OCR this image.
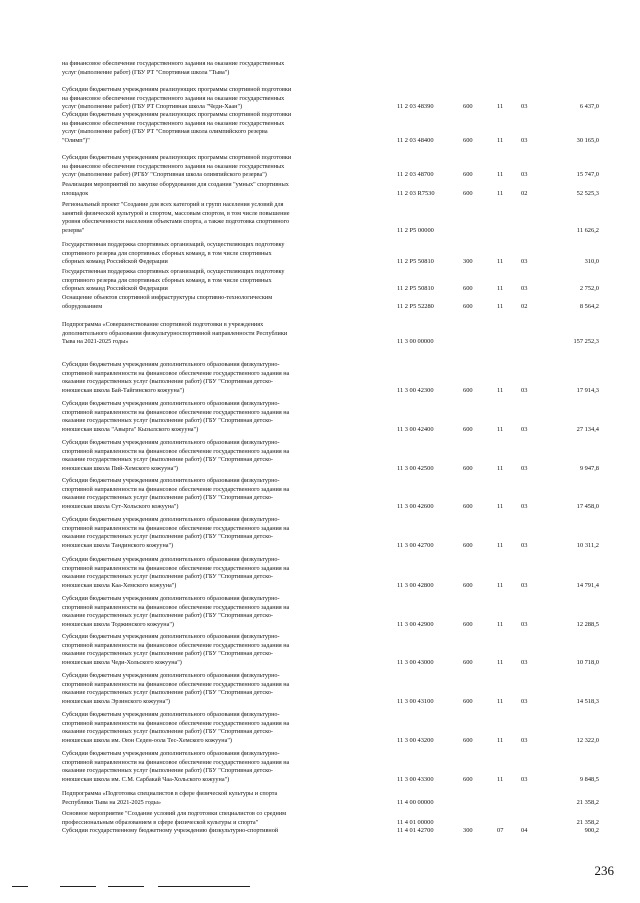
на финансовое обеспечение государственного задания на оказание государственных
услуг (выполнение работ) (ГБУ РТ "Спортивная школа "Тыва")
Субсидии бюджетным учреждениям реализующих программы спортивной подготовки
на финансовое обеспечение государственного задания на оказание государственных
услуг (выполнение работ) (ГБУ РТ Спортивная школа "Чеди-Хаан")	11 2 03 48390	600	11	03	6 437,0
Субсидии бюджетным учреждениям реализующих программы спортивной подготовки
на финансовое обеспечение государственного задания на оказание государственных
услуг (выполнение работ) (ГБУ РТ "Спортивная школа олимпийского резерва
"Олимп")"	11 2 03 48400	600	11	03	30 165,0
Субсидии бюджетным учреждениям реализующих программы спортивной подготовки
на финансовое обеспечение государственного задания на оказание государственных
услуг (выполнение работ) (РГБУ "Спортивная школа олимпийского резерва")	11 2 03 48700	600	11	03	15 747,0
Реализация мероприятий по закупке оборудования для создания "умных" спортивных
площадок	11 2 03 R7530	600	11	02	52 525,3
Региональный проект "Создание для всех категорий и групп населения условий для
занятий физической культурой и спортом, массовым спортом, в том числе повышение
уровня обеспеченности населения объектами спорта, а также подготовка спортивного
резерва"	11 2 P5 00000	11 626,2
Государственная поддержка спортивных организаций, осуществляющих подготовку
спортивного резерва для спортивных сборных команд, в том числе спортивных
сборных команд Российской Федерации	11 2 P5 50810	300	11	03	310,0
Государственная поддержка спортивных организаций, осуществляющих подготовку
спортивного резерва для спортивных сборных команд, в том числе спортивных
сборных команд Российской Федерации	11 2 P5 50810	600	11	03	2 752,0
Оснащение объектов спортивной инфраструктуры спортивно-технологическим
оборудованием	11 2 P5 52280	600	11	02	8 564,2
Подпрограмма «Совершенствование спортивной подготовки в учреждениях
дополнительного образования физкультурноспортивной направленности Республики
Тыва на 2021-2025 годы»	11 3 00 00000	157 252,3
Субсидии бюджетным учреждениям дополнительного образования физкультурно-
спортивной направленности на финансовое обеспечение государственного задания на
оказание государственных услуг (выполнение работ) (ГБУ "Спортивная детско-
юношеская школа Бай-Тайгинского кожууна")	11 3 00 42300	600	11	03	17 914,3
Субсидии бюджетным учреждениям дополнительного образования физкультурно-
спортивной направленности на финансовое обеспечение государственного задания на
оказание государственных услуг (выполнение работ) (ГБУ "Спортивная детско-
юношеская школа "Авырга" Кызылского кожууна")	11 3 00 42400	600	11	03	27 134,4
Субсидии бюджетным учреждениям дополнительного образования физкультурно-
спортивной направленности на финансовое обеспечение государственного задания на
оказание государственных услуг (выполнение работ) (ГБУ "Спортивная детско-
юношеская школа Пий-Хемского кожууна")	11 3 00 42500	600	11	03	9 947,8
Субсидии бюджетным учреждениям дополнительного образования физкультурно-
спортивной направленности на финансовое обеспечение государственного задания на
оказание государственных услуг (выполнение работ) (ГБУ "Спортивная детско-
юношеская школа Сут-Хольского кожууна")	11 3 00 42600	600	11	03	17 458,0
Субсидии бюджетным учреждениям дополнительного образования физкультурно-
спортивной направленности на финансовое обеспечение государственного задания на
оказание государственных услуг (выполнение работ) (ГБУ "Спортивная детско-
юношеская школа Тандинского кожууна")	11 3 00 42700	600	11	03	10 311,2
Субсидии бюджетным учреждениям дополнительного образования физкультурно-
спортивной направленности на финансовое обеспечение государственного задания на
оказание государственных услуг (выполнение работ) (ГБУ "Спортивная детско-
юношеская школа Каа-Хемского кожууна")	11 3 00 42800	600	11	03	14 791,4
Субсидии бюджетным учреждениям дополнительного образования физкультурно-
спортивной направленности на финансовое обеспечение государственного задания на
оказание государственных услуг (выполнение работ) (ГБУ "Спортивная детско-
юношеская школа Тоджинского кожууна")	11 3 00 42900	600	11	03	12 288,5
Субсидии бюджетным учреждениям дополнительного образования физкультурно-
спортивной направленности на финансовое обеспечение государственного задания на
оказание государственных услуг (выполнение работ) (ГБУ "Спортивная детско-
юношеская школа Чеди-Хольского кожууна")	11 3 00 43000	600	11	03	10 718,0
Субсидии бюджетным учреждениям дополнительного образования физкультурно-
спортивной направленности на финансовое обеспечение государственного задания на
оказание государственных услуг (выполнение работ) (ГБУ "Спортивная детско-
юношеская школа Эрзинского кожууна")	11 3 00 43100	600	11	03	14 518,3
Субсидии бюджетным учреждениям дополнительного образования физкультурно-
спортивной направленности на финансовое обеспечение государственного задания на
оказание государственных услуг (выполнение работ) (ГБУ "Спортивная детско-
юношеская школа им. Оюн Седен-оола Тес-Хемского кожууна")	11 3 00 43200	600	11	03	12 322,0
Субсидии бюджетным учреждениям дополнительного образования физкультурно-
спортивной направленности на финансовое обеспечение государственного задания на
оказание государственных услуг (выполнение работ) (ГБУ "Спортивная детско-
юношеская школа им. С.М. Сарбакай Чаа-Хольского кожууна")	11 3 00 43300	600	11	03	9 848,5
Подпрограмма «Подготовка специалистов в сфере физической культуры и спорта
Республики Тыва на 2021-2025 годы»	11 4 00 00000	21 358,2
Основное мероприятие "Создание условий для подготовки специалистов со средним
профессиональным образованием в сфере физической культуры и спорта"	11 4 01 00000	21 358,2
Субсидии государственному бюджетному учреждению физкультурно-спортивной	11 4 01 42700	300	07	04	900,2
236
